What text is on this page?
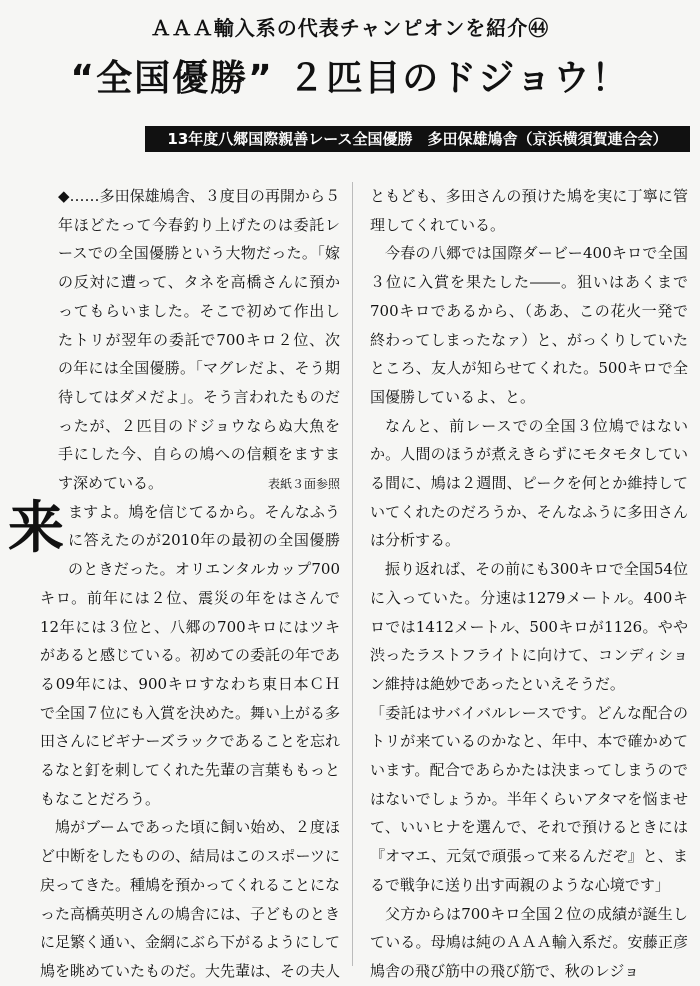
ＡＡＡ輸入系の代表チャンピオンを紹介㊹
“全国優勝” ２匹目のドジョウ！
13年度八郷国際親善レース全国優勝　多田保雄鳩舎（京浜横須賀連合会）

◆……多田保雄鳩舎、３度目の再開から５年ほどたって今春釣り上げたのは委託レースでの全国優勝という大物だった。「嫁の反対に遭って、タネを高橋さんに預かってもらいました。そこで初めて作出したトリが翌年の委託で700キロ２位、次の年には全国優勝。「マグレだよ、そう期待してはダメだよ」。そう言われたものだったが、２匹目のドジョウならぬ大魚を手にした今、自らの鳩への信頼をますます深めている。	表紙３面参照

来ますよ。鳩を信じてるから。そんなふうに答えたのが2010年の最初の全国優勝のときだった。オリエンタルカップ700キロ。前年には２位、震災の年をはさんで12年には３位と、八郷の700キロにはツキがあると感じている。初めての委託の年である09年には、900キロすなわち東日本ＣＨで全国７位にも入賞を決めた。舞い上がる多田さんにビギナーズラックであることを忘れるなと釘を刺してくれた先輩の言葉ももっともなことだろう。

鳩がブームであった頃に飼い始め、２度ほど中断をしたものの、結局はこのスポーツに戻ってきた。種鳩を預かってくれることになった高橋英明さんの鳩舎には、子どものときに足繁く通い、金網にぶら下がるようにして鳩を眺めていたものだ。大先輩は、その夫人

ともども、多田さんの預けた鳩を実に丁寧に管理してくれている。

今春の八郷では国際ダービー400キロで全国３位に入賞を果たした――。狙いはあくまで700キロであるから、（ああ、この花火一発で終わってしまったなァ）と、がっくりしていたところ、友人が知らせてくれた。500キロで全国優勝しているよ、と。

なんと、前レースでの全国３位鳩ではないか。人間のほうが煮えきらずにモタモタしている間に、鳩は２週間、ピークを何とか維持していてくれたのだろうか、そんなふうに多田さんは分析する。

振り返れば、その前にも300キロで全国54位に入っていた。分速は1279メートル。400キロでは1412メートル、500キロが1126。やや渋ったラストフライトに向けて、コンディション維持は絶妙であったといえそうだ。

「委託はサバイバルレースです。どんな配合のトリが来ているのかなと、年中、本で確かめています。配合であらかたは決まってしまうのではないでしょうか。半年くらいアタマを悩ませて、いいヒナを選んで、それで預けるときには『オマエ、元気で頑張って来るんだぞ』と、まるで戦争に送り出す両親のような心境です」

父方からは700キロ全国２位の成績が誕生している。母鳩は純のＡＡＡ輸入系だ。安藤正彦鳩舎の飛び筋中の飛び筋で、秋のレジョ
